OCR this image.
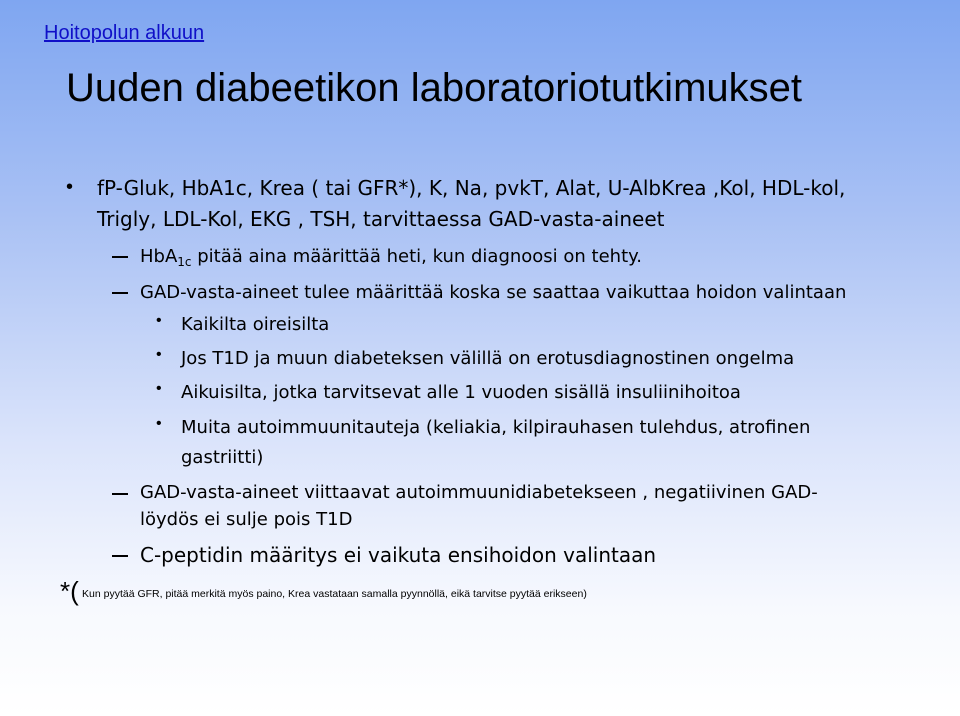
Hoitopolun alkuun
Uuden diabeetikon laboratoriotutkimukset
• fP-Gluk, HbA1c, Krea ( tai GFR*), K, Na, pvkT, Alat, U-AlbKrea ,Kol, HDL-kol,
Trigly, LDL-Kol, EKG , TSH, tarvittaessa GAD-vasta-aineet
HbA$_{1c}$ pitää aina määrittää heti, kun diagnoosi on tehty.
GAD-vasta-aineet tulee määrittää koska se saattaa vaikuttaa hoidon valintaan
• Kaikilta oireisilta
• Jos T1D ja muun diabeteksen välillä on erotusdiagnostinen ongelma
• Aikuisilta, jotka tarvitsevat alle 1 vuoden sisällä insuliinihoitoa
• Muita autoimmuunitauteja (keliakia, kilpirauhasen tulehdus, atrofinen
gastriitti)
GAD-vasta-aineet viittaavat autoimmuunidiabetekseen , negatiivinen GAD-
löydös ei sulje pois T1D
C-peptidin määritys ei vaikuta ensihoidon valintaan
*( Kun pyytää GFR, pitää merkitä myös paino, Krea vastataan samalla pyynnöllä, eikä tarvitse pyytää erikseen)
